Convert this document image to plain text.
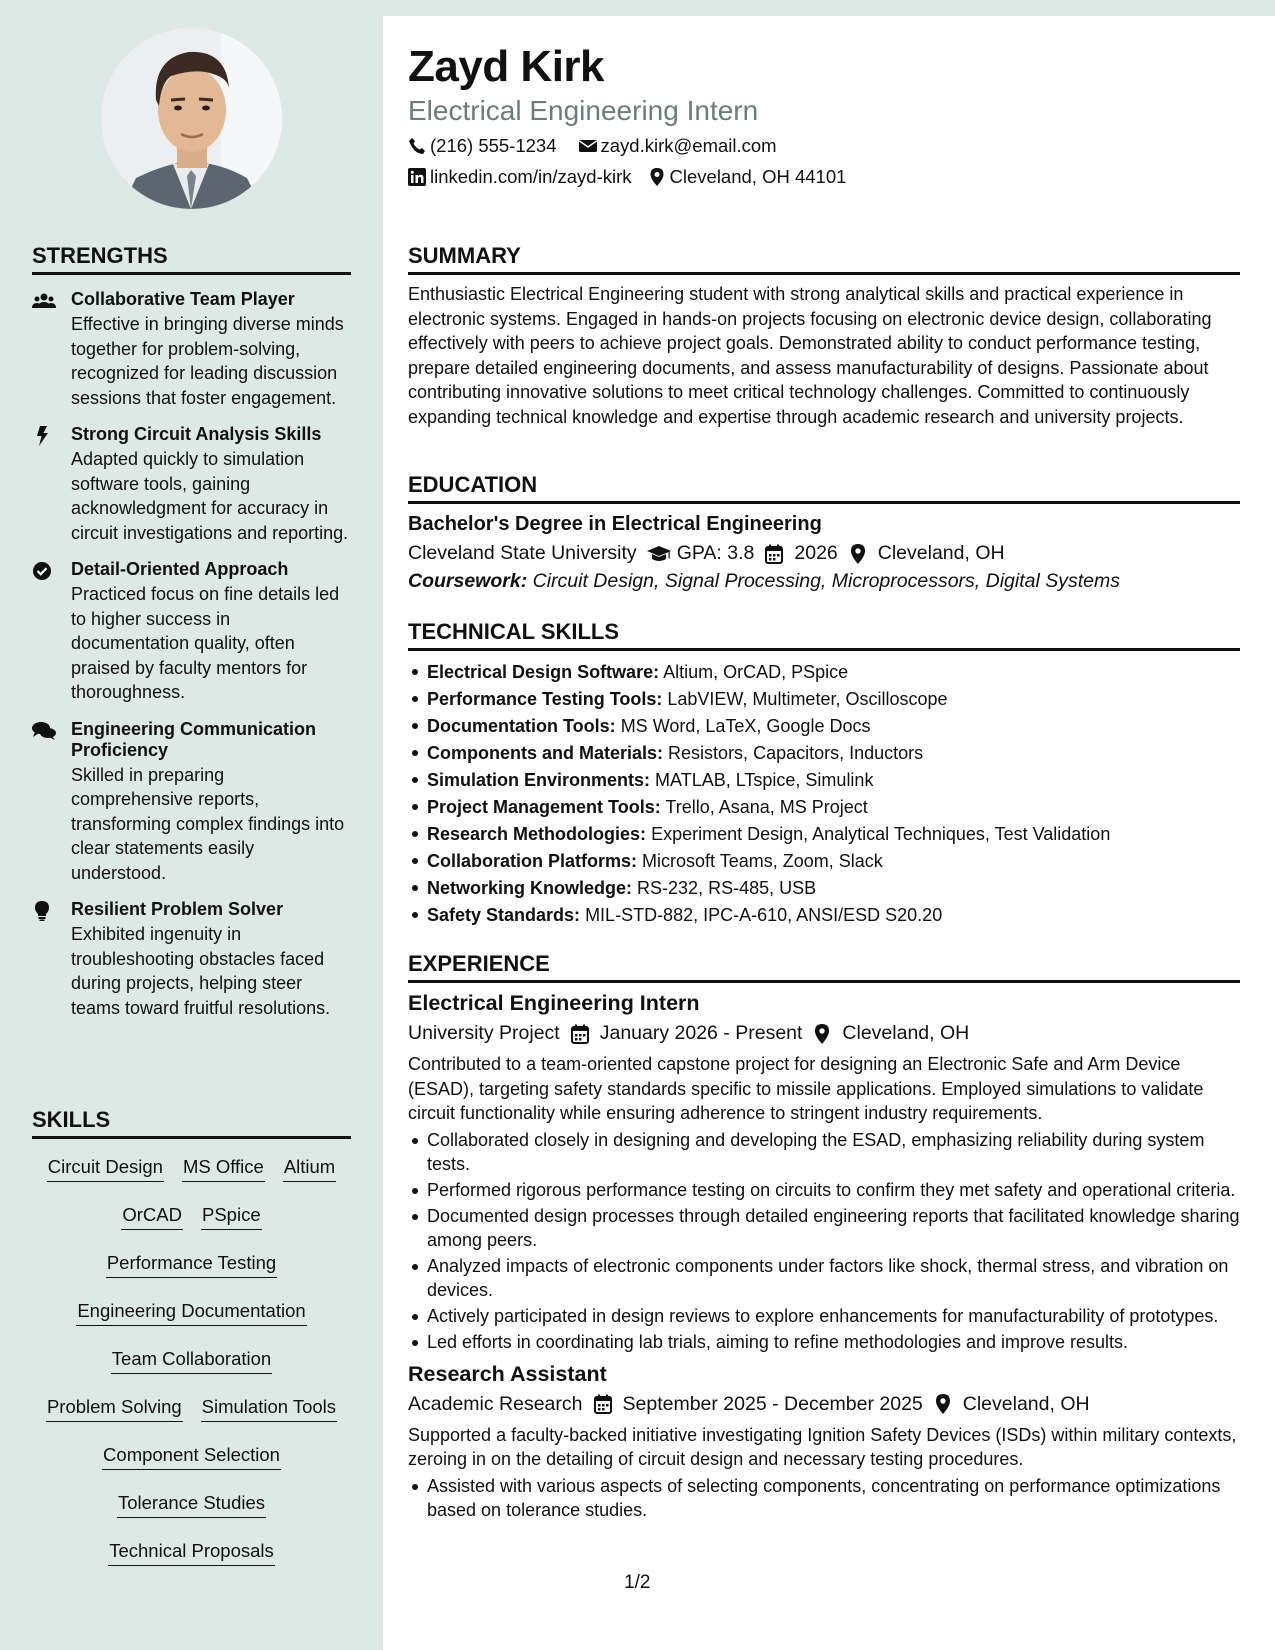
STRENGTHS
Collaborative Team Player
Effective in bringing diverse minds together for problem-solving, recognized for leading discussion sessions that foster engagement.
Strong Circuit Analysis Skills
Adapted quickly to simulation software tools, gaining acknowledgment for accuracy in circuit investigations and reporting.
Detail-Oriented Approach
Practiced focus on fine details led to higher success in documentation quality, often praised by faculty mentors for thoroughness.
Engineering Communication Proficiency
Skilled in preparing comprehensive reports, transforming complex findings into clear statements easily understood.
Resilient Problem Solver
Exhibited ingenuity in troubleshooting obstacles faced during projects, helping steer teams toward fruitful resolutions.
SKILLS
Circuit Design MS Office Altium
OrCAD PSpice
Performance Testing
Engineering Documentation
Team Collaboration
Problem Solving Simulation Tools
Component Selection
Tolerance Studies
Technical Proposals
Zayd Kirk
Electrical Engineering Intern
(216) 555-1234 zayd.kirk@email.com
linkedin.com/in/zayd-kirk Cleveland, OH 44101
SUMMARY
Enthusiastic Electrical Engineering student with strong analytical skills and practical experience in electronic systems. Engaged in hands-on projects focusing on electronic device design, collaborating effectively with peers to achieve project goals. Demonstrated ability to conduct performance testing, prepare detailed engineering documents, and assess manufacturability of designs. Passionate about contributing innovative solutions to meet critical technology challenges. Committed to continuously expanding technical knowledge and expertise through academic research and university projects.
EDUCATION
Bachelor's Degree in Electrical Engineering
Cleveland State University GPA: 3.8 2026 Cleveland, OH
Coursework: Circuit Design, Signal Processing, Microprocessors, Digital Systems
TECHNICAL SKILLS
Electrical Design Software: Altium, OrCAD, PSpice
Performance Testing Tools: LabVIEW, Multimeter, Oscilloscope
Documentation Tools: MS Word, LaTeX, Google Docs
Components and Materials: Resistors, Capacitors, Inductors
Simulation Environments: MATLAB, LTspice, Simulink
Project Management Tools: Trello, Asana, MS Project
Research Methodologies: Experiment Design, Analytical Techniques, Test Validation
Collaboration Platforms: Microsoft Teams, Zoom, Slack
Networking Knowledge: RS-232, RS-485, USB
Safety Standards: MIL-STD-882, IPC-A-610, ANSI/ESD S20.20
EXPERIENCE
Electrical Engineering Intern
University Project January 2026 - Present Cleveland, OH
Contributed to a team-oriented capstone project for designing an Electronic Safe and Arm Device (ESAD), targeting safety standards specific to missile applications. Employed simulations to validate circuit functionality while ensuring adherence to stringent industry requirements.
Collaborated closely in designing and developing the ESAD, emphasizing reliability during system tests.
Performed rigorous performance testing on circuits to confirm they met safety and operational criteria.
Documented design processes through detailed engineering reports that facilitated knowledge sharing among peers.
Analyzed impacts of electronic components under factors like shock, thermal stress, and vibration on devices.
Actively participated in design reviews to explore enhancements for manufacturability of prototypes.
Led efforts in coordinating lab trials, aiming to refine methodologies and improve results.
Research Assistant
Academic Research September 2025 - December 2025 Cleveland, OH
Supported a faculty-backed initiative investigating Ignition Safety Devices (ISDs) within military contexts, zeroing in on the detailing of circuit design and necessary testing procedures.
Assisted with various aspects of selecting components, concentrating on performance optimizations based on tolerance studies.
1/2
